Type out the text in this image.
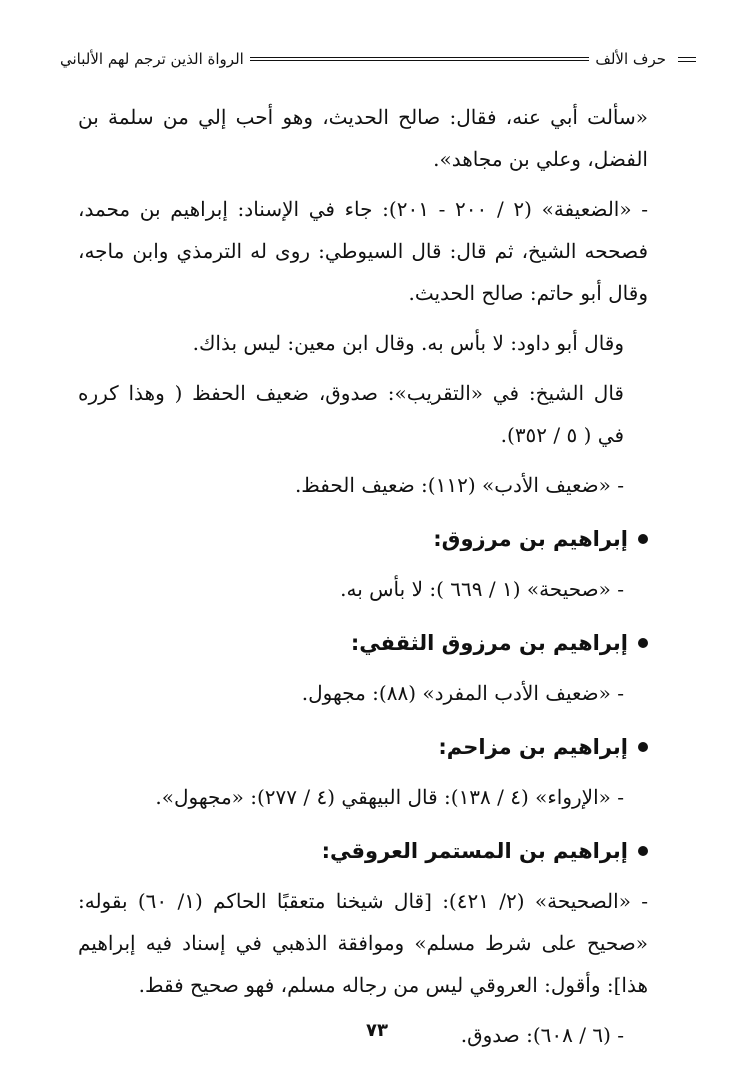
حرف الألف
الرواة الذين ترجم لهم الألباني

«سألت أبي عنه، فقال: صالح الحديث، وهو أحب إلي من سلمة بن الفضل، وعلي بن مجاهد».

- «الضعيفة» (٢ / ٢٠٠ - ٢٠١): جاء في الإسناد: إبراهيم بن محمد، فصححه الشيخ، ثم قال: قال السيوطي: روى له الترمذي وابن ماجه، وقال أبو حاتم: صالح الحديث.

وقال أبو داود: لا بأس به. وقال ابن معين: ليس بذاك.

قال الشيخ: في «التقريب»: صدوق، ضعيف الحفظ ( وهذا كرره في ( ٥ / ٣٥٢).

- «ضعيف الأدب» (١١٢): ضعيف الحفظ.

إبراهيم بن مرزوق:

- «صحيحة» (١ / ٦٦٩ ): لا بأس به.

إبراهيم بن مرزوق الثقفي:

- «ضعيف الأدب المفرد» (٨٨): مجهول.

إبراهيم بن مزاحم:

- «الإرواء» (٤ / ١٣٨): قال البيهقي (٤ / ٢٧٧): «مجهول».

إبراهيم بن المستمر العروقي:

- «الصحيحة» (٢/ ٤٢١): [قال شيخنا متعقبًا الحاكم (١/ ٦٠) بقوله: «صحيح على شرط مسلم» وموافقة الذهبي في إسناد فيه إبراهيم هذا]: وأقول: العروقي ليس من رجاله مسلم، فهو صحيح فقط.

- (٦ / ٦٠٨): صدوق.

٧٣
